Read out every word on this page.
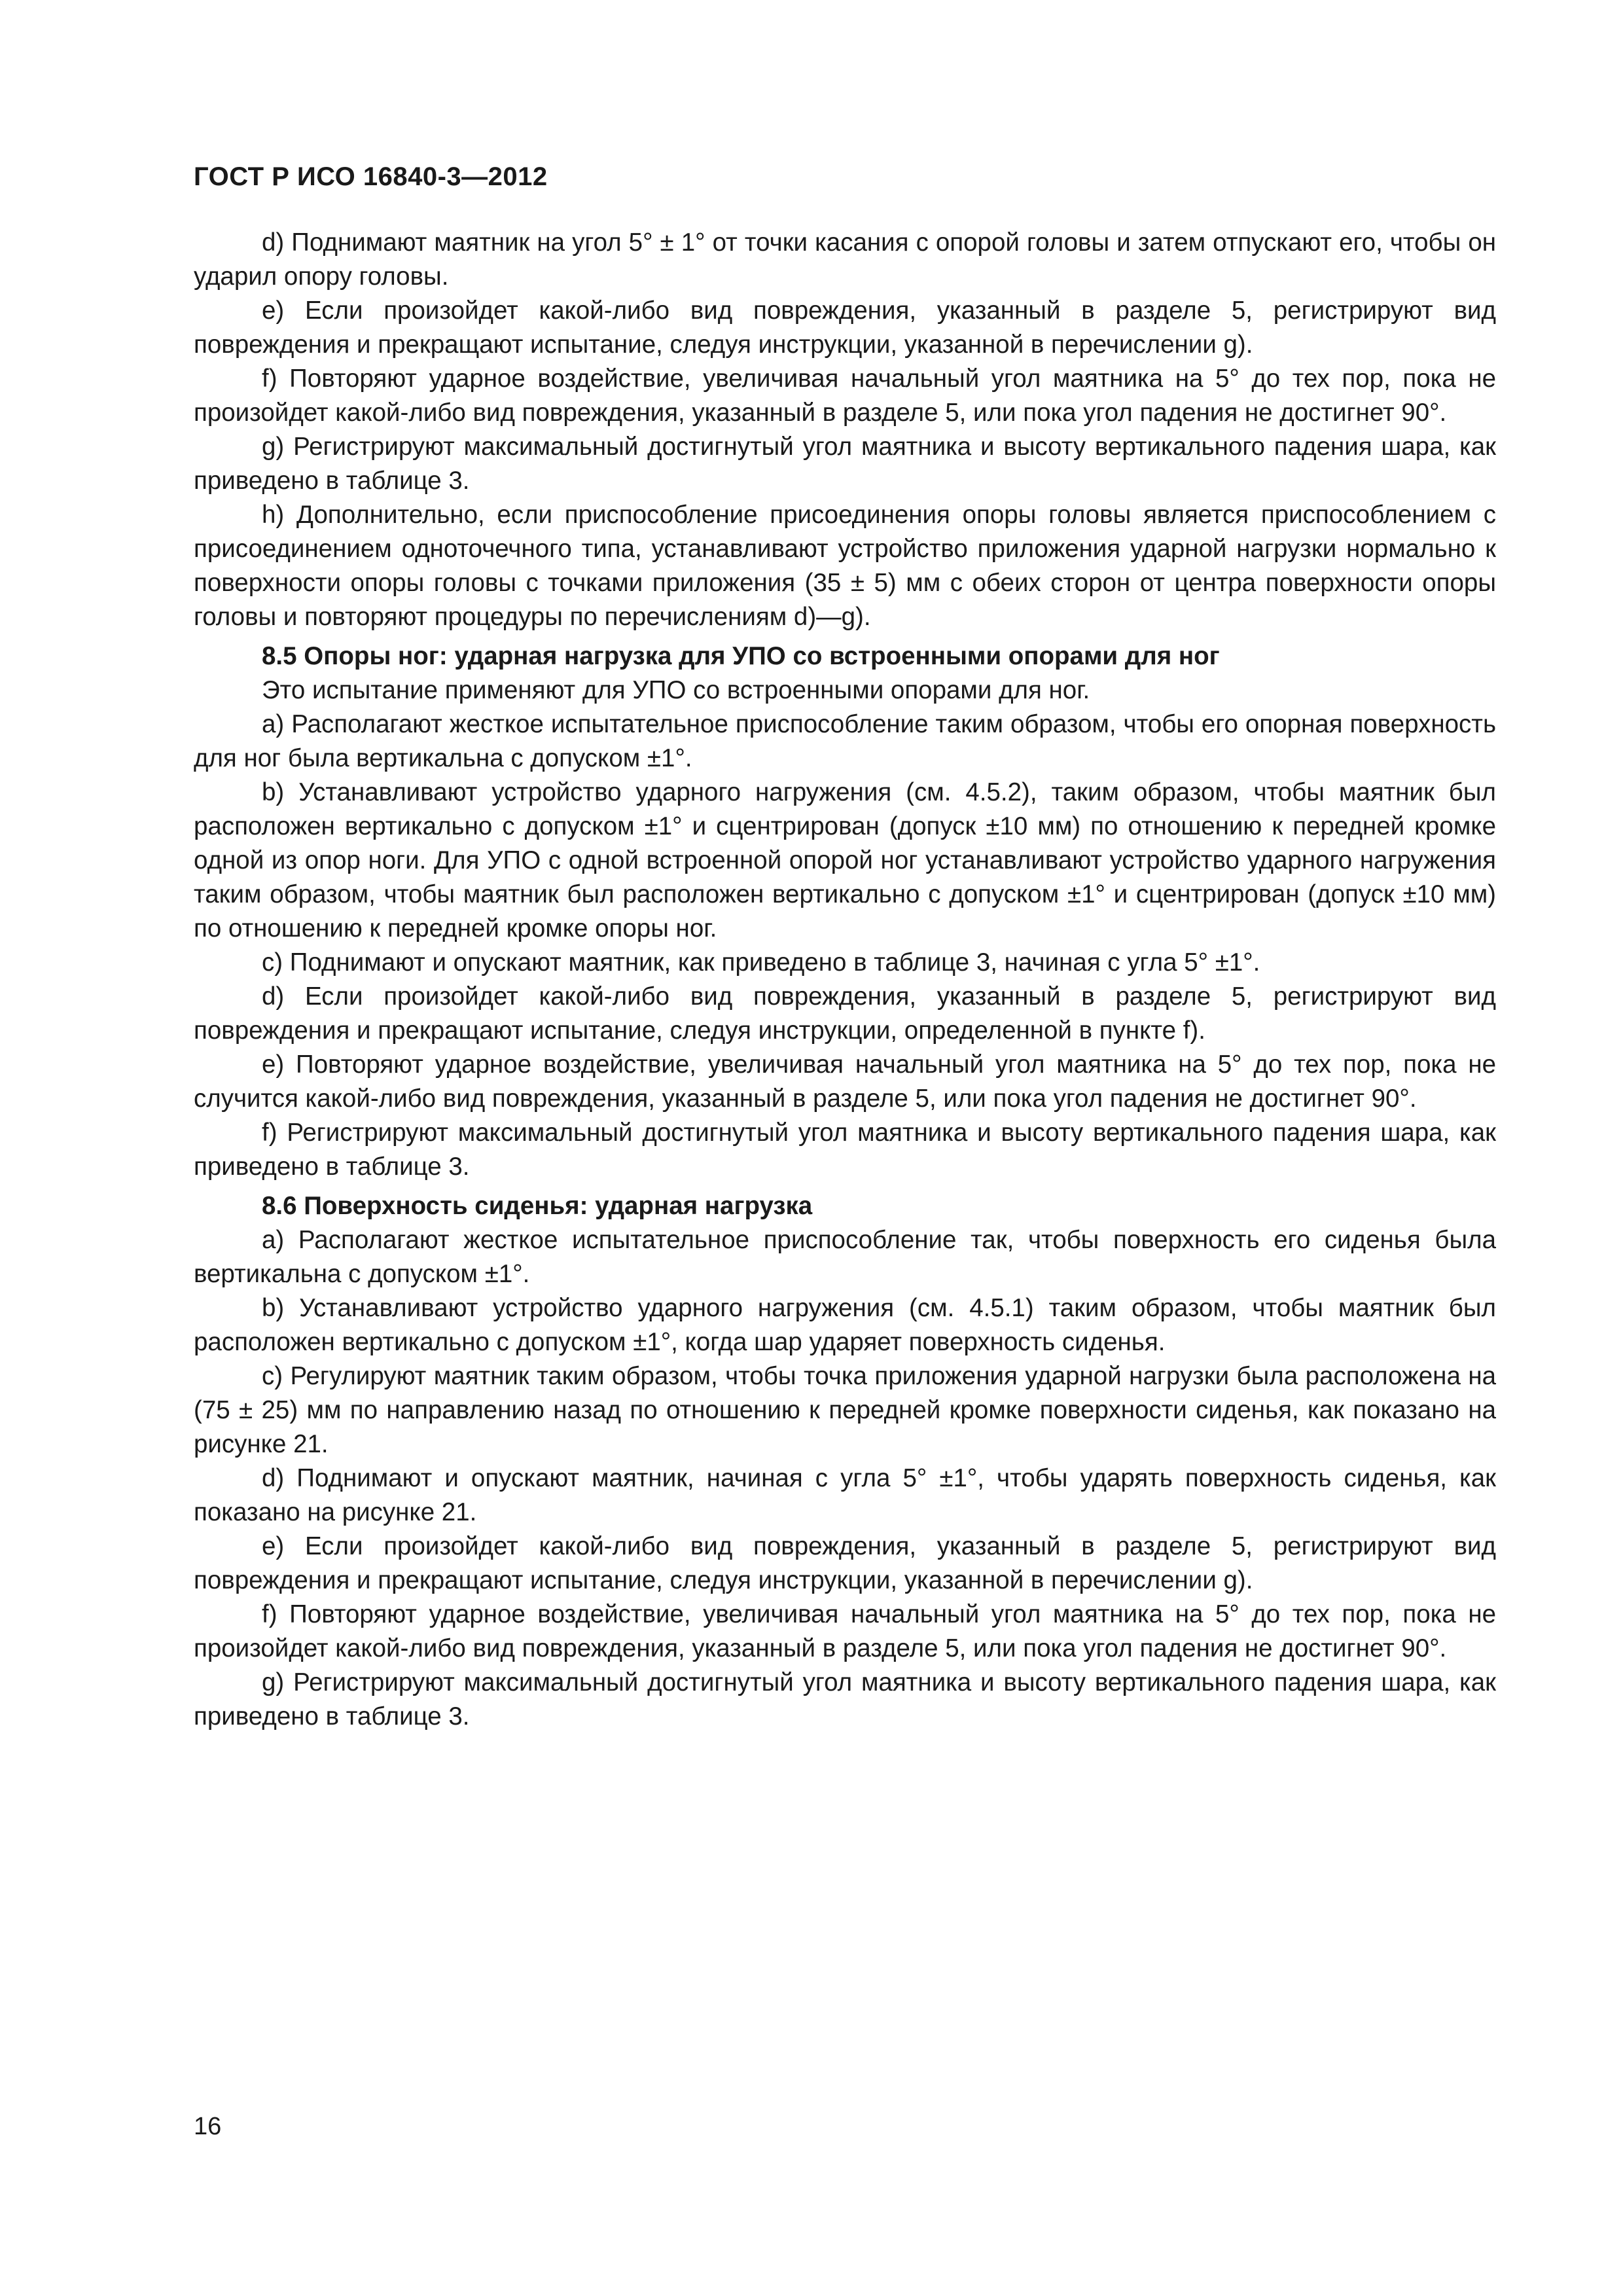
ГОСТ Р ИСО 16840-3—2012

d) Поднимают маятник на угол 5° ± 1° от точки касания с опорой головы и затем отпускают его, чтобы он ударил опору головы.

e) Если произойдет какой-либо вид повреждения, указанный в разделе 5, регистрируют вид повреждения и прекращают испытание, следуя инструкции, указанной в перечислении g).

f) Повторяют ударное воздействие, увеличивая начальный угол маятника на 5° до тех пор, пока не произойдет какой-либо вид повреждения, указанный в разделе 5, или пока угол падения не достигнет 90°.

g) Регистрируют максимальный достигнутый угол маятника и высоту вертикального падения шара, как приведено в таблице 3.

h) Дополнительно, если приспособление присоединения опоры головы является приспособлением с присоединением одноточечного типа, устанавливают устройство приложения ударной нагрузки нормально к поверхности опоры головы с точками приложения (35 ± 5) мм с обеих сторон от центра поверхности опоры головы и повторяют процедуры по перечислениям d)—g).

8.5 Опоры ног: ударная нагрузка для УПО со встроенными опорами для ног

Это испытание применяют для УПО со встроенными опорами для ног.

a) Располагают жесткое испытательное приспособление таким образом, чтобы его опорная поверхность для ног была вертикальна с допуском ±1°.

b) Устанавливают устройство ударного нагружения (см. 4.5.2), таким образом, чтобы маятник был расположен вертикально с допуском ±1° и сцентрирован (допуск ±10 мм) по отношению к передней кромке одной из опор ноги. Для УПО с одной встроенной опорой ног устанавливают устройство ударного нагружения таким образом, чтобы маятник был расположен вертикально с допуском ±1° и сцентрирован (допуск ±10 мм) по отношению к передней кромке опоры ног.

c) Поднимают и опускают маятник, как приведено в таблице 3, начиная с угла 5° ±1°.

d) Если произойдет какой-либо вид повреждения, указанный в разделе 5, регистрируют вид повреждения и прекращают испытание, следуя инструкции, определенной в пункте f).

e) Повторяют ударное воздействие, увеличивая начальный угол маятника на 5° до тех пор, пока не случится какой-либо вид повреждения, указанный в разделе 5, или пока угол падения не достигнет 90°.

f) Регистрируют максимальный достигнутый угол маятника и высоту вертикального падения шара, как приведено в таблице 3.

8.6 Поверхность сиденья: ударная нагрузка

a) Располагают жесткое испытательное приспособление так, чтобы поверхность его сиденья была вертикальна с допуском ±1°.

b) Устанавливают устройство ударного нагружения (см. 4.5.1) таким образом, чтобы маятник был расположен вертикально с допуском ±1°, когда шар ударяет поверхность сиденья.

c) Регулируют маятник таким образом, чтобы точка приложения ударной нагрузки была расположена на (75 ± 25) мм по направлению назад по отношению к передней кромке поверхности сиденья, как показано на рисунке 21.

d) Поднимают и опускают маятник, начиная с угла 5° ±1°, чтобы ударять поверхность сиденья, как показано на рисунке 21.

e) Если произойдет какой-либо вид повреждения, указанный в разделе 5, регистрируют вид повреждения и прекращают испытание, следуя инструкции, указанной в перечислении g).

f) Повторяют ударное воздействие, увеличивая начальный угол маятника на 5° до тех пор, пока не произойдет какой-либо вид повреждения, указанный в разделе 5, или пока угол падения не достигнет 90°.

g) Регистрируют максимальный достигнутый угол маятника и высоту вертикального падения шара, как приведено в таблице 3.

16
